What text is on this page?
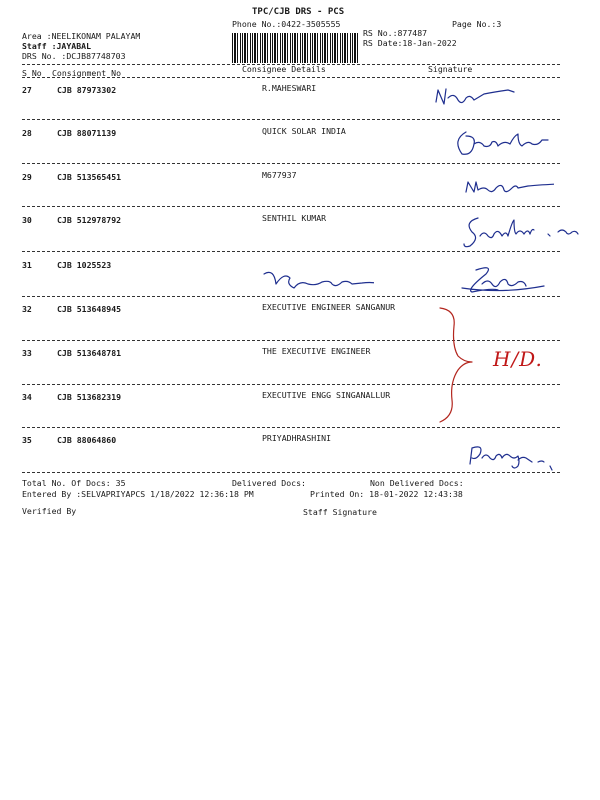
TPC/CJB DRS - PCS
Phone No.:0422-3505555	Page No.:3
Area :NEELIKONAM PALAYAM
Staff :JAYABAL
DRS No. :DCJB87748703
RS No.:877487
RS Date:18-Jan-2022
S No Consignment No	Consignee Details	Signature
27	CJB 87973302	R.MAHESWARI
28	CJB 88071139	QUICK SOLAR INDIA
29	CJB 513565451	M677937
30	CJB 512978792	SENTHIL KUMAR
31	CJB 1025523
32	CJB 513648945	EXECUTIVE ENGINEER SANGANUR
33	CJB 513648781	THE EXECUTIVE ENGINEER
34	CJB 513682319	EXECUTIVE ENGG SINGANALLUR
35	CJB 88064860	PRIYADHRASHINI
H/D.
Total No. Of Docs: 35	Delivered Docs:	Non Delivered Docs:
Entered By :SELVAPRIYAPCS 1/18/2022 12:36:18 PM	Printed On: 18-01-2022 12:43:38
Verified By	Staff Signature
